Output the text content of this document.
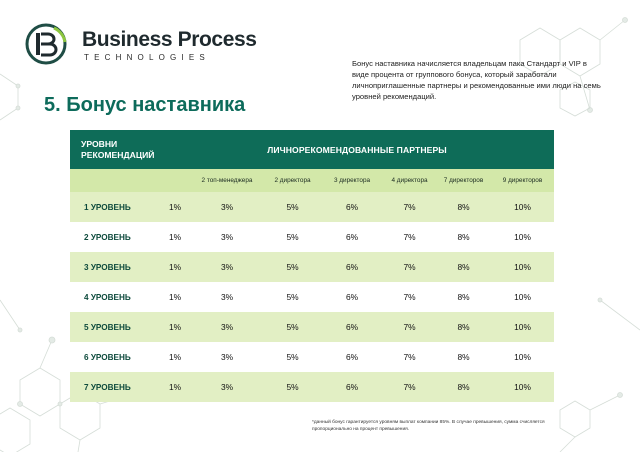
Business Process
TECHNOLOGIES
Бонус наставника начисляется владельцам пака Стандарт и VIP в виде процента от группового бонуса, который заработали личноприглашенные партнеры и рекомендованные ими люди на семь уровней рекомендаций.
5. Бонус наставника
УРОВНИ РЕКОМЕНДАЦИЙ	ЛИЧНОРЕКОМЕНДОВАННЫЕ ПАРТНЕРЫ						
		2 топ-менеджера	2 директора	3 директора	4 директора	7 директоров	9 директоров
1 УРОВЕНЬ	1%	3%	5%	6%	7%	8%	10%
2 УРОВЕНЬ	1%	3%	5%	6%	7%	8%	10%
3 УРОВЕНЬ	1%	3%	5%	6%	7%	8%	10%
4 УРОВЕНЬ	1%	3%	5%	6%	7%	8%	10%
5 УРОВЕНЬ	1%	3%	5%	6%	7%	8%	10%
6 УРОВЕНЬ	1%	3%	5%	6%	7%	8%	10%
7 УРОВЕНЬ	1%	3%	5%	6%	7%	8%	10%
*данный бонус гарантируется уровням выплат компании 85%. В случае превышения, сумма счисляется пропорционально на процент превышения.
